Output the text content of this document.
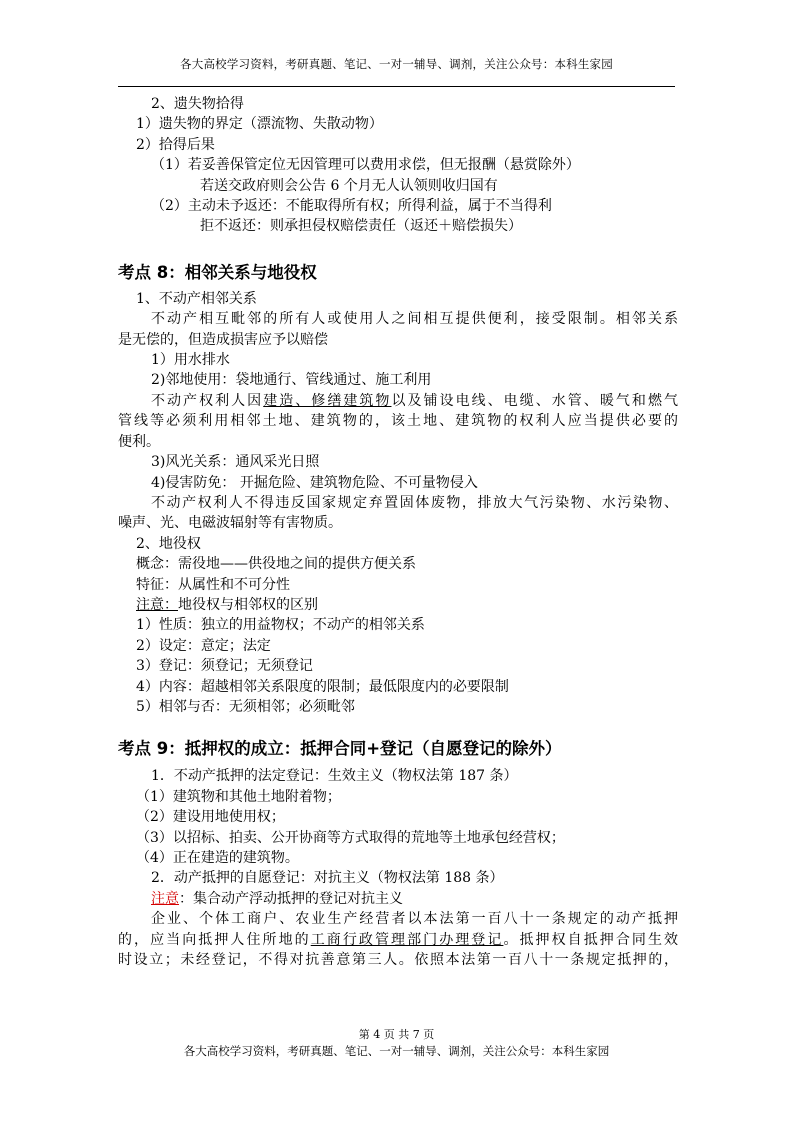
各大高校学习资料，考研真题、笔记、一对一辅导、调剂，关注公众号：本科生家园
2、遗失物拾得
1）遗失物的界定（漂流物、失散动物）
2）拾得后果
（1）若妥善保管定位无因管理可以费用求偿，但无报酬（悬赏除外）
若送交政府则会公告 6 个月无人认领则收归国有
（2）主动未予返还：不能取得所有权；所得利益，属于不当得利
拒不返还：则承担侵权赔偿责任（返还＋赔偿损失）
考点 8：相邻关系与地役权
1、不动产相邻关系
不动产相互毗邻的所有人或使用人之间相互提供便利，接受限制。相邻关系
是无偿的，但造成损害应予以赔偿
1）用水排水
2)邻地使用：袋地通行、管线通过、施工利用
不动产权利人因建造、修缮建筑物以及铺设电线、电缆、水管、暖气和燃气
管线等必须利用相邻土地、建筑物的，该土地、建筑物的权利人应当提供必要的
便利。
3)风光关系：通风采光日照
4)侵害防免： 开掘危险、建筑物危险、不可量物侵入
不动产权利人不得违反国家规定弃置固体废物，排放大气污染物、水污染物、
噪声、光、电磁波辐射等有害物质。
2、地役权
概念：需役地——供役地之间的提供方便关系
特征：从属性和不可分性
注意：地役权与相邻权的区别
1）性质：独立的用益物权；不动产的相邻关系
2）设定：意定；法定
3）登记：须登记；无须登记
4）内容：超越相邻关系限度的限制；最低限度内的必要限制
5）相邻与否：无须相邻；必须毗邻
考点 9：抵押权的成立：抵押合同+登记（自愿登记的除外）
1．不动产抵押的法定登记：生效主义（物权法第 187 条）
（1）建筑物和其他土地附着物；
（2）建设用地使用权；
（3）以招标、拍卖、公开协商等方式取得的荒地等土地承包经营权；
（4）正在建造的建筑物。
2．动产抵押的自愿登记：对抗主义（物权法第 188 条）
注意：集合动产浮动抵押的登记对抗主义
企业、个体工商户、农业生产经营者以本法第一百八十一条规定的动产抵押
的，应当向抵押人住所地的工商行政管理部门办理登记。抵押权自抵押合同生效
时设立；未经登记，不得对抗善意第三人。依照本法第一百八十一条规定抵押的，
第 4 页 共 7 页
各大高校学习资料，考研真题、笔记、一对一辅导、调剂，关注公众号：本科生家园
